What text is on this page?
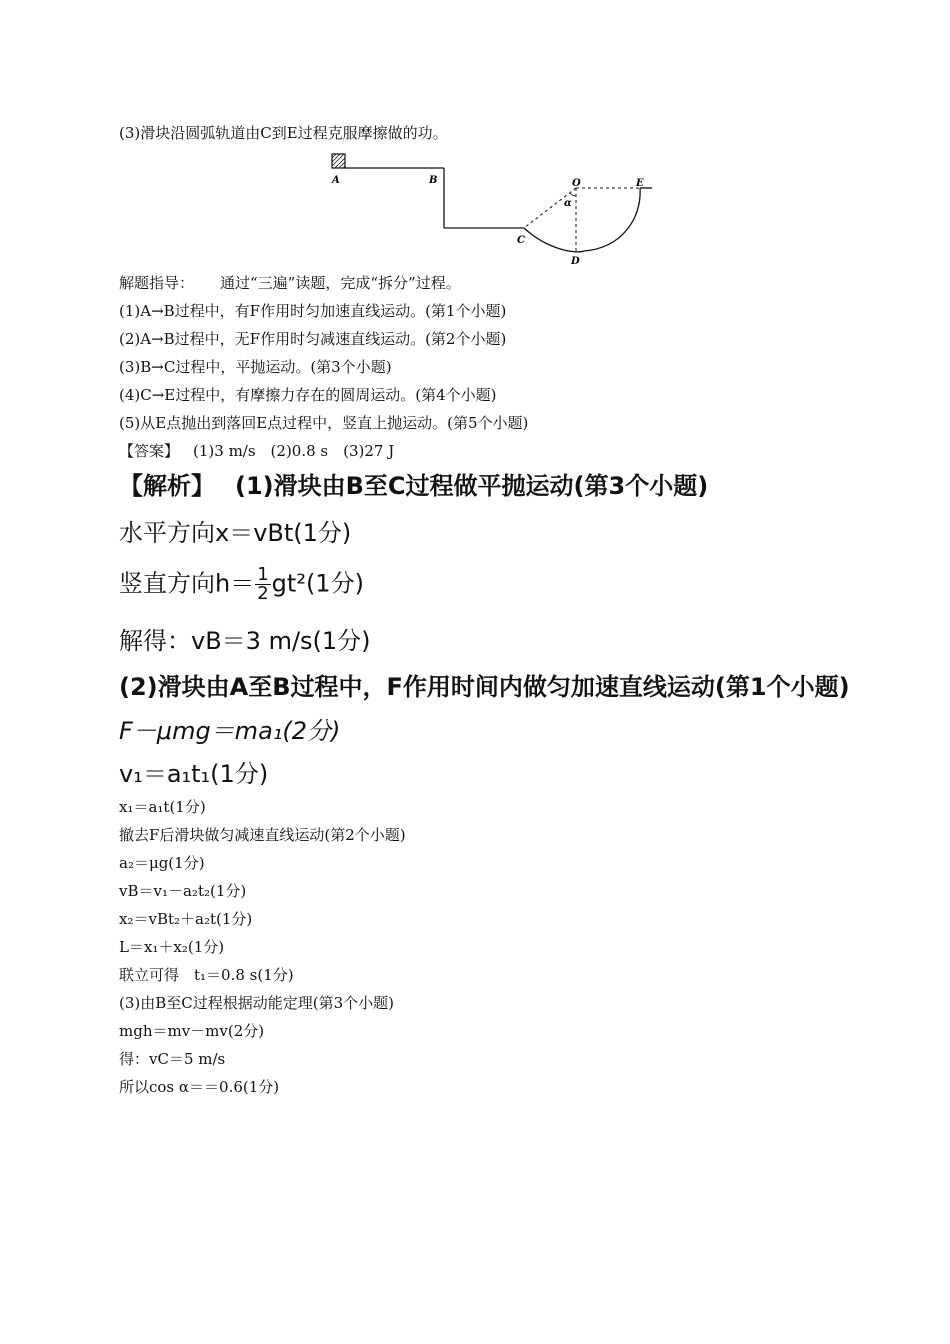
(3)滑块沿圆弧轨道由C到E过程克服摩擦做的功。
A	B
C
D
E
O
α
解题指导： 通过“三遍”读题，完成“拆分”过程。
(1)A→B过程中，有F作用时匀加速直线运动。(第1个小题)
(2)A→B过程中，无F作用时匀减速直线运动。(第2个小题)
(3)B→C过程中，平抛运动。(第3个小题)
(4)C→E过程中，有摩擦力存在的圆周运动。(第4个小题)
(5)从E点抛出到落回E点过程中，竖直上抛运动。(第5个小题)
【答案】 (1)3 m/s　(2)0.8 s　(3)27 J
【解析】 (1)滑块由B至C过程做平抛运动(第3个小题)
水平方向x＝vBt(1分)
竖直方向$h= \frac{1}{2} gt^2(1$分)
解得：vB＝3 m/s(1分)
(2)滑块由A至B过程中，F作用时间内做匀加速直线运动(第1个小题)
F－μmg＝ma₁(2分)
v₁＝a₁t₁(1分)
x₁＝a₁t(1分)
撤去F后滑块做匀减速直线运动(第2个小题)
a₂＝μg(1分)
vB＝v₁－a₂t₂(1分)
x₂＝vBt₂＋a₂t(1分)
L＝x₁＋x₂(1分)
联立可得　t₁＝0.8 s(1分)
(3)由B至C过程根据动能定理(第3个小题)
mgh＝mv－mv(2分)
得：vC＝5 m/s
所以cos α＝＝0.6(1分)
